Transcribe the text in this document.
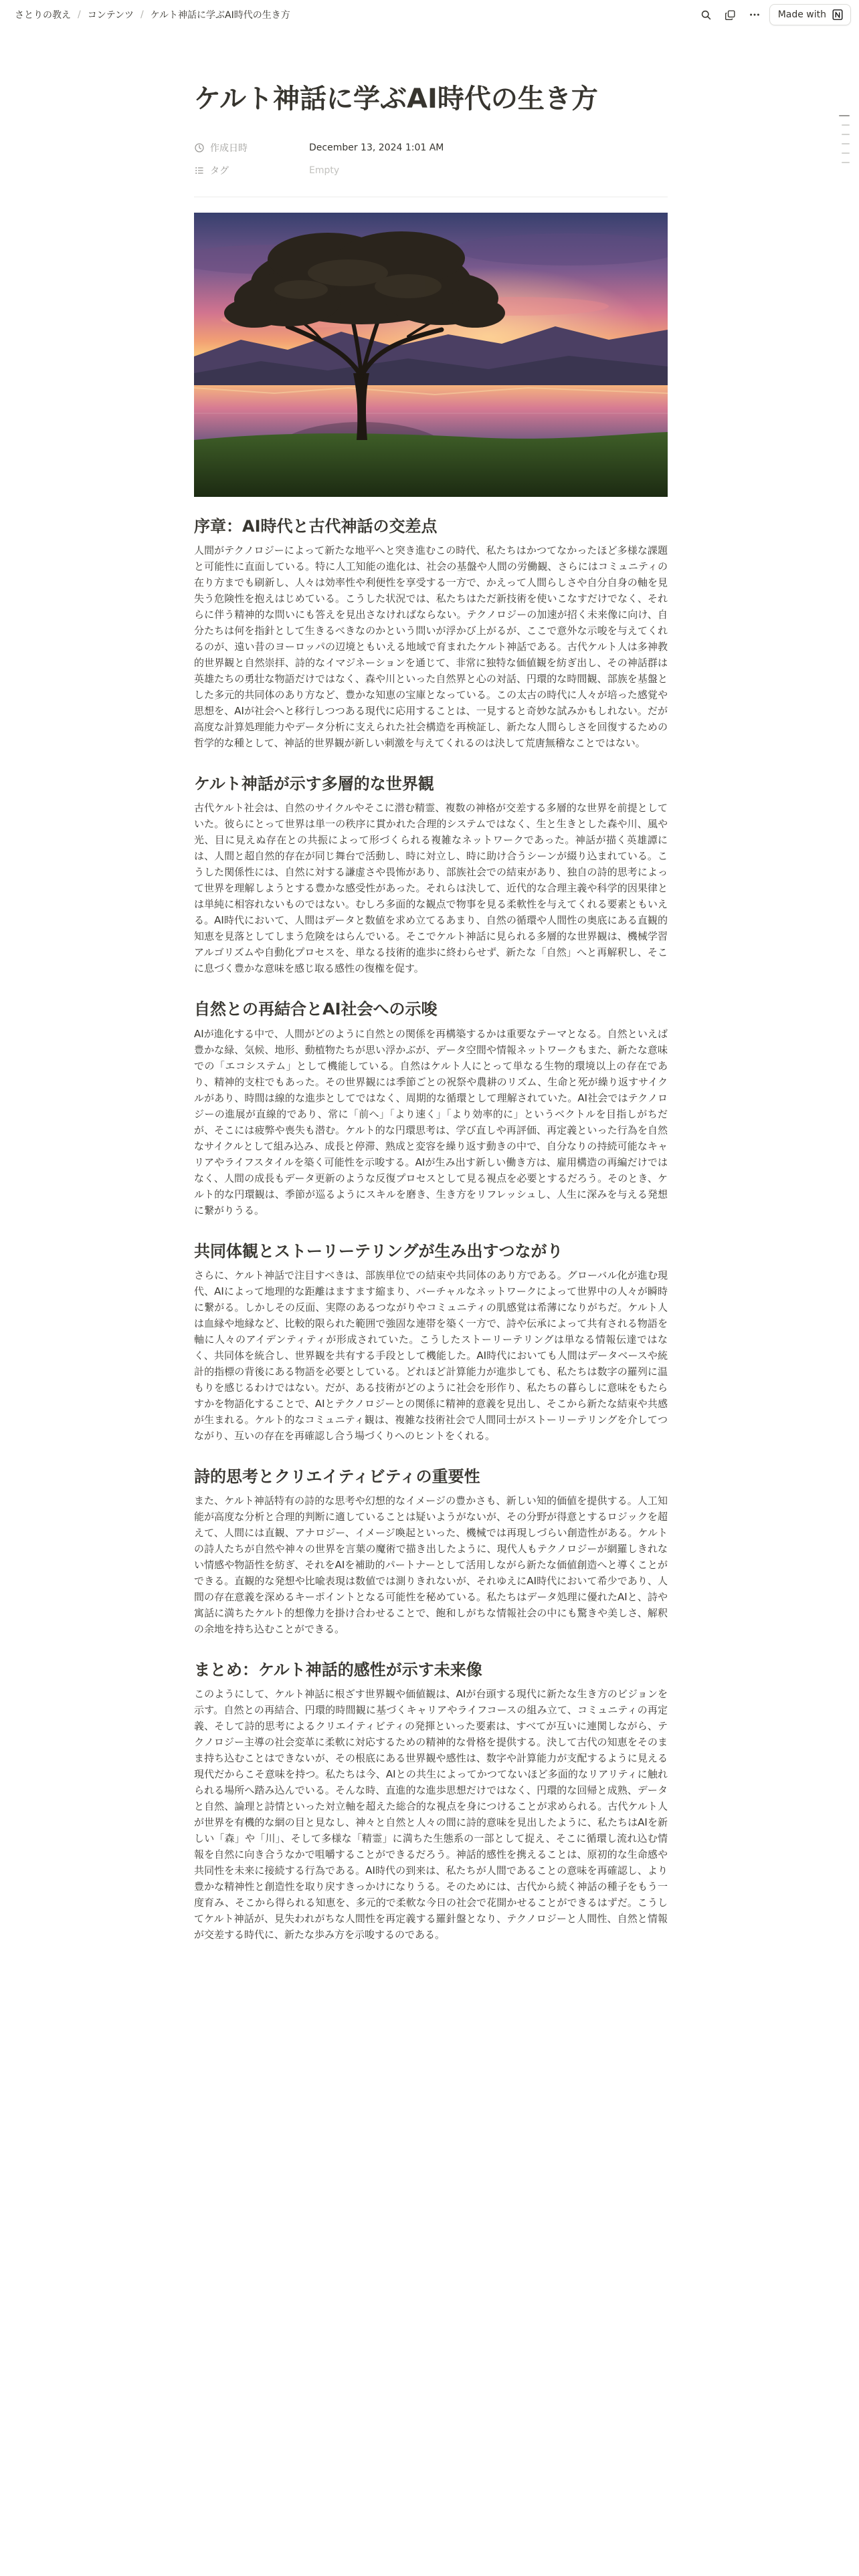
さとりの教え / コンテンツ / ケルト神話に学ぶAI時代の生き方	Made with
ケルト神話に学ぶAI時代の生き方
作成日時	December 13, 2024 1:01 AM
タグ	Empty
序章：AI時代と古代神話の交差点

人間がテクノロジーによって新たな地平へと突き進むこの時代、私たちはかつてなかったほど多様な課題と可能性に直面している。特に人工知能の進化は、社会の基盤や人間の労働観、さらにはコミュニティの在り方までも刷新し、人々は効率性や利便性を享受する一方で、かえって人間らしさや自分自身の軸を見失う危険性を抱えはじめている。こうした状況では、私たちはただ新技術を使いこなすだけでなく、それらに伴う精神的な問いにも答えを見出さなければならない。テクノロジーの加速が招く未来像に向け、自分たちは何を指針として生きるべきなのかという問いが浮かび上がるが、ここで意外な示唆を与えてくれるのが、遠い昔のヨーロッパの辺境ともいえる地域で育まれたケルト神話である。古代ケルト人は多神教的世界観と自然崇拝、詩的なイマジネーションを通じて、非常に独特な価値観を紡ぎ出し、その神話群は英雄たちの勇壮な物語だけではなく、森や川といった自然界と心の対話、円環的な時間観、部族を基盤とした多元的共同体のあり方など、豊かな知恵の宝庫となっている。この太古の時代に人々が培った感覚や思想を、AIが社会へと移行しつつある現代に応用することは、一見すると奇妙な試みかもしれない。だが高度な計算処理能力やデータ分析に支えられた社会構造を再検証し、新たな人間らしさを回復するための哲学的な種として、神話的世界観が新しい刺激を与えてくれるのは決して荒唐無稽なことではない。

ケルト神話が示す多層的な世界観

古代ケルト社会は、自然のサイクルやそこに潜む精霊、複数の神格が交差する多層的な世界を前提としていた。彼らにとって世界は単一の秩序に貫かれた合理的システムではなく、生と生きとした森や川、風や光、目に見えぬ存在との共振によって形づくられる複雑なネットワークであった。神話が描く英雄譚には、人間と超自然的存在が同じ舞台で活動し、時に対立し、時に助け合うシーンが綴り込まれている。こうした関係性には、自然に対する謙虚さや畏怖があり、部族社会での結束があり、独自の詩的思考によって世界を理解しようとする豊かな感受性があった。それらは決して、近代的な合理主義や科学的因果律とは単純に相容れないものではない。むしろ多面的な観点で物事を見る柔軟性を与えてくれる要素ともいえる。AI時代において、人間はデータと数値を求め立てるあまり、自然の循環や人間性の奥底にある直観的知恵を見落としてしまう危険をはらんでいる。そこでケルト神話に見られる多層的な世界観は、機械学習アルゴリズムや自動化プロセスを、単なる技術的進歩に終わらせず、新たな「自然」へと再解釈し、そこに息づく豊かな意味を感じ取る感性の復権を促す。

自然との再結合とAI社会への示唆

AIが進化する中で、人間がどのように自然との関係を再構築するかは重要なテーマとなる。自然といえば豊かな緑、気候、地形、動植物たちが思い浮かぶが、データ空間や情報ネットワークもまた、新たな意味での「エコシステム」として機能している。自然はケルト人にとって単なる生物的環境以上の存在であり、精神的支柱でもあった。その世界観には季節ごとの祝祭や農耕のリズム、生命と死が繰り返すサイクルがあり、時間は線的な進歩としてではなく、周期的な循環として理解されていた。AI社会ではテクノロジーの進展が直線的であり、常に「前へ」「より速く」「より効率的に」というベクトルを目指しがちだが、そこには疲弊や喪失も潜む。ケルト的な円環思考は、学び直しや再評価、再定義といった行為を自然なサイクルとして組み込み、成長と停滞、熟成と変容を繰り返す動きの中で、自分なりの持続可能なキャリアやライフスタイルを築く可能性を示唆する。AIが生み出す新しい働き方は、雇用構造の再編だけではなく、人間の成長もデータ更新のような反復プロセスとして見る視点を必要とするだろう。そのとき、ケルト的な円環観は、季節が巡るようにスキルを磨き、生き方をリフレッシュし、人生に深みを与える発想に繋がりうる。

共同体観とストーリーテリングが生み出すつながり

さらに、ケルト神話で注目すべきは、部族単位での結束や共同体のあり方である。グローバル化が進む現代、AIによって地理的な距離はますます縮まり、バーチャルなネットワークによって世界中の人々が瞬時に繋がる。しかしその反面、実際のあるつながりやコミュニティの肌感覚は希薄になりがちだ。ケルト人は血縁や地縁など、比較的限られた範囲で強固な連帯を築く一方で、詩や伝承によって共有される物語を軸に人々のアイデンティティが形成されていた。こうしたストーリーテリングは単なる情報伝達ではなく、共同体を統合し、世界観を共有する手段として機能した。AI時代においても人間はデータベースや統計的指標の背後にある物語を必要としている。どれほど計算能力が進歩しても、私たちは数字の羅列に温もりを感じるわけではない。だが、ある技術がどのように社会を形作り、私たちの暮らしに意味をもたらすかを物語化することで、AIとテクノロジーとの関係に精神的意義を見出し、そこから新たな結束や共感が生まれる。ケルト的なコミュニティ観は、複雑な技術社会で人間同士がストーリーテリングを介してつながり、互いの存在を再確認し合う場づくりへのヒントをくれる。

詩的思考とクリエイティビティの重要性

また、ケルト神話特有の詩的な思考や幻想的なイメージの豊かさも、新しい知的価値を提供する。人工知能が高度な分析と合理的判断に適していることは疑いようがないが、その分野が得意とするロジックを超えて、人間には直観、アナロジー、イメージ喚起といった、機械では再現しづらい創造性がある。ケルトの詩人たちが自然や神々の世界を言葉の魔術で描き出したように、現代人もテクノロジーが網羅しきれない情感や物語性を紡ぎ、それをAIを補助的パートナーとして活用しながら新たな価値創造へと導くことができる。直観的な発想や比喩表現は数値では測りきれないが、それゆえにAI時代において希少であり、人間の存在意義を深めるキーポイントとなる可能性を秘めている。私たちはデータ処理に優れたAIと、詩や寓話に満ちたケルト的想像力を掛け合わせることで、飽和しがちな情報社会の中にも驚きや美しさ、解釈の余地を持ち込むことができる。

まとめ：ケルト神話的感性が示す未来像

このようにして、ケルト神話に根ざす世界観や価値観は、AIが台頭する現代に新たな生き方のビジョンを示す。自然との再結合、円環的時間観に基づくキャリアやライフコースの組み立て、コミュニティの再定義、そして詩的思考によるクリエイティビティの発揮といった要素は、すべてが互いに連関しながら、テクノロジー主導の社会変革に柔軟に対応するための精神的な骨格を提供する。決して古代の知恵をそのまま持ち込むことはできないが、その根底にある世界観や感性は、数字や計算能力が支配するように見える現代だからこそ意味を持つ。私たちは今、AIとの共生によってかつてないほど多面的なリアリティに触れられる場所へ踏み込んでいる。そんな時、直進的な進歩思想だけではなく、円環的な回帰と成熟、データと自然、論理と詩情といった対立軸を超えた総合的な視点を身につけることが求められる。古代ケルト人が世界を有機的な網の目と見なし、神々と自然と人々の間に詩的意味を見出したように、私たちはAIを新しい「森」や「川」、そして多様な「精霊」に満ちた生態系の一部として捉え、そこに循環し流れ込む情報を自然に向き合うなかで咀嚼することができるだろう。神話的感性を携えることは、原初的な生命感や共同性を未来に接続する行為である。AI時代の到来は、私たちが人間であることの意味を再確認し、より豊かな精神性と創造性を取り戻すきっかけになりうる。そのためには、古代から続く神話の種子をもう一度育み、そこから得られる知恵を、多元的で柔軟な今日の社会で花開かせることができるはずだ。こうしてケルト神話が、見失われがちな人間性を再定義する羅針盤となり、テクノロジーと人間性、自然と情報が交差する時代に、新たな歩み方を示唆するのである。
